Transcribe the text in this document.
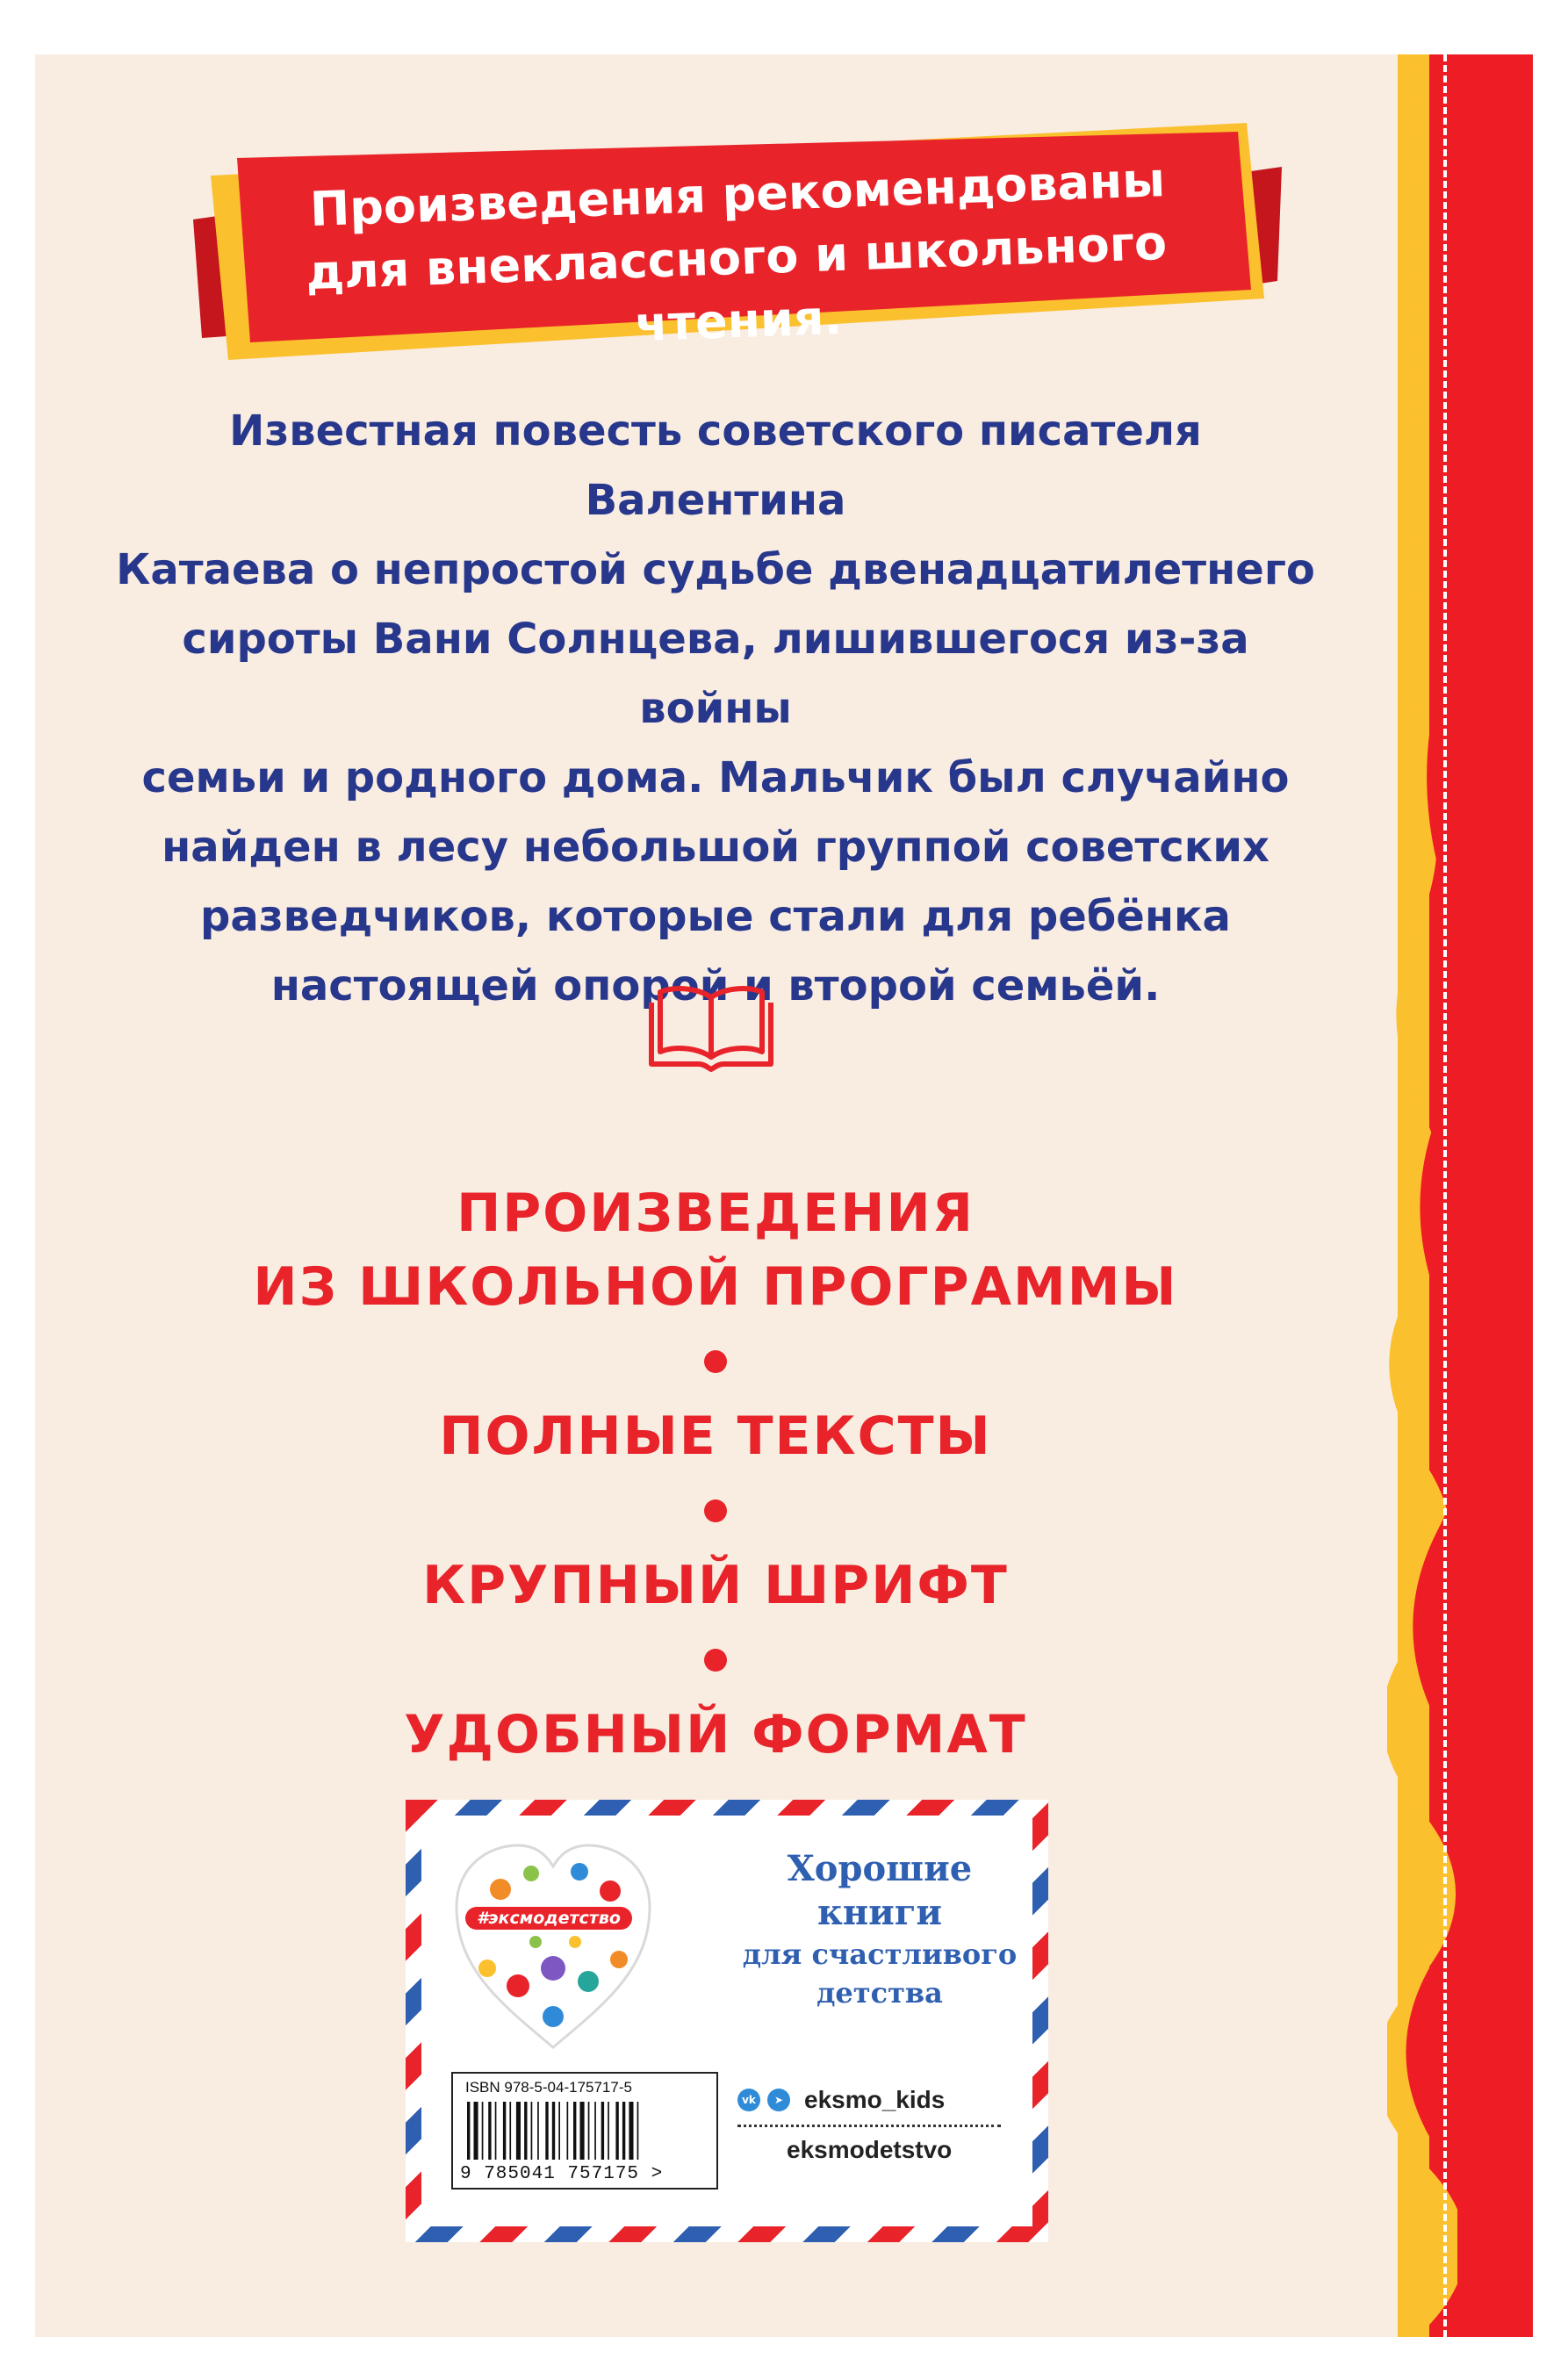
Произведения рекомендованы
для внеклассного и школьного чтения.
Известная повесть советского писателя Валентина
Катаева о непростой судьбе двенадцатилетнего
сироты Вани Солнцева, лишившегося из-за войны
семьи и родного дома. Мальчик был случайно
найден в лесу небольшой группой советских
разведчиков, которые стали для ребёнка
настоящей опорой и второй семьёй.
ПРОИЗВЕДЕНИЯ
ИЗ ШКОЛЬНОЙ ПРОГРАММЫ
ПОЛНЫЕ ТЕКСТЫ
КРУПНЫЙ ШРИФТ
УДОБНЫЙ ФОРМАТ
#эксмодетство
Хорошие
книги
для счастливого
детства
ISBN 978-5-04-175717-5
9 785041 757175 >
vk	➤ eksmo_kids
eksmodetstvo
